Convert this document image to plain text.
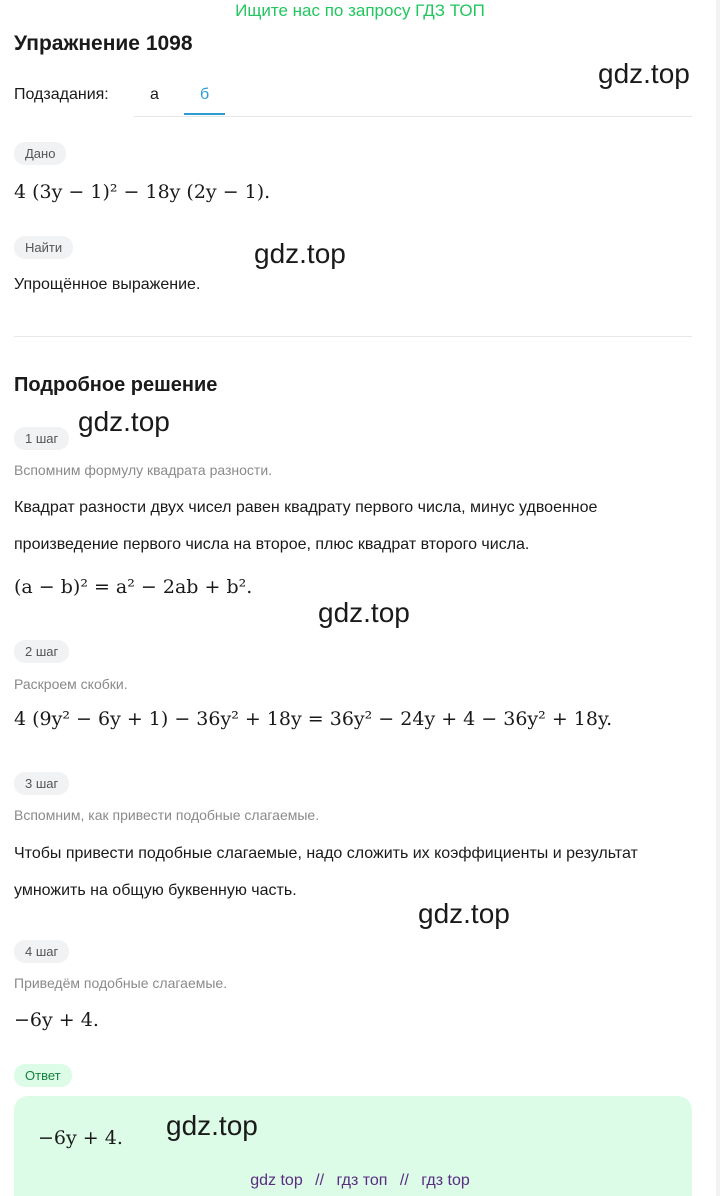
Ищите нас по запросу ГДЗ ТОП
Упражнение 1098
gdz.top
Подзадания:	а	б
Дано
4 (3y − 1)² − 18y (2y − 1).
Найти	gdz.top
Упрощённое выражение.
Подробное решение
gdz.top
1 шаг
Вспомним формулу квадрата разности.
Квадрат разности двух чисел равен квадрату первого числа, минус удвоенное произведение первого числа на второе, плюс квадрат второго числа.
(a − b)² = a² − 2ab + b².
gdz.top
2 шаг
Раскроем скобки.
4 (9y² − 6y + 1) − 36y² + 18y = 36y² − 24y + 4 − 36y² + 18y.
3 шаг
Вспомним, как привести подобные слагаемые.
Чтобы привести подобные слагаемые, надо сложить их коэффициенты и результат умножить на общую буквенную часть.
gdz.top
4 шаг
Приведём подобные слагаемые.
−6y + 4.
Ответ
−6y + 4. gdz.top
gdz top // гдз топ // гдз top
